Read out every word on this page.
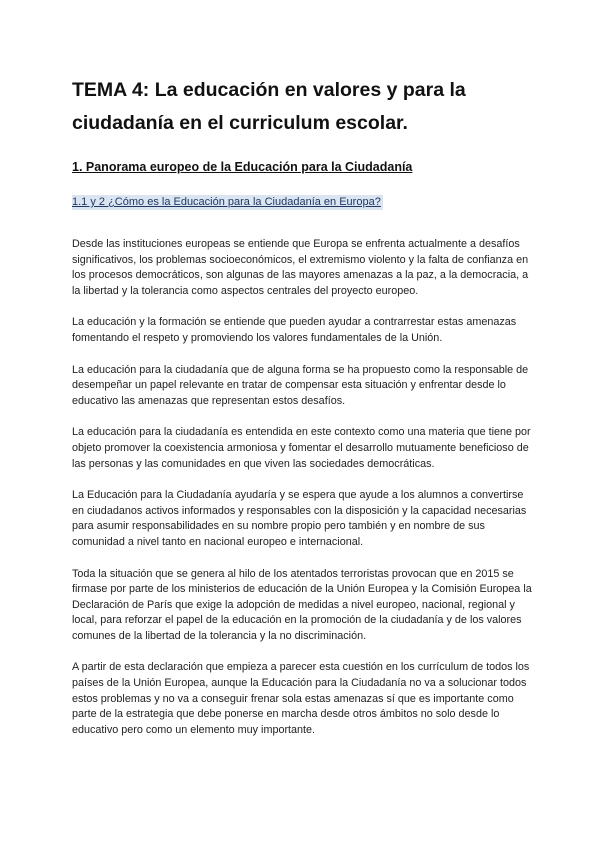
TEMA 4: La educación en valores y para la
ciudadanía en el curriculum escolar.
1. Panorama europeo de la Educación para la Ciudadanía
1.1 y 2 ¿Cómo es la Educación para la Ciudadanía en Europa?

Desde las instituciones europeas se entiende que Europa se enfrenta actualmente a desafíos significativos, los problemas socioeconómicos, el extremismo violento y la falta de confianza en los procesos democráticos, son algunas de las mayores amenazas a la paz, a la democracia, a la libertad y la tolerancia como aspectos centrales del proyecto europeo.

La educación y la formación se entiende que pueden ayudar a contrarrestar estas amenazas fomentando el respeto y promoviendo los valores fundamentales de la Unión.

La educación para la ciudadanía que de alguna forma se ha propuesto como la responsable de desempeñar un papel relevante en tratar de compensar esta situación y enfrentar desde lo educativo las amenazas que representan estos desafíos.

La educación para la ciudadanía es entendida en este contexto como una materia que tiene por objeto promover la coexistencia armoniosa y fomentar el desarrollo mutuamente beneficioso de las personas y las comunidades en que viven las sociedades democráticas.

La Educación para la Ciudadanía ayudaría y se espera que ayude a los alumnos a convertirse en ciudadanos activos informados y responsables con la disposición y la capacidad necesarias para asumir responsabilidades en su nombre propio pero también y en nombre de sus comunidad a nivel tanto en nacional europeo e internacional.

Toda la situación que se genera al hilo de los atentados terroristas provocan que en 2015 se firmase por parte de los ministerios de educación de la Unión Europea y la Comisión Europea la Declaración de París que exige la adopción de medidas a nivel europeo, nacional, regional y local, para reforzar el papel de la educación en la promoción de la ciudadanía y de los valores comunes de la libertad de la tolerancia y la no discriminación.

A partir de esta declaración que empieza a parecer esta cuestión en los currículum de todos los países de la Unión Europea, aunque la Educación para la Ciudadanía no va a solucionar todos estos problemas y no va a conseguir frenar sola estas amenazas sí que es importante como parte de la estrategia que debe ponerse en marcha desde otros ámbitos no solo desde lo educativo pero como un elemento muy importante.
